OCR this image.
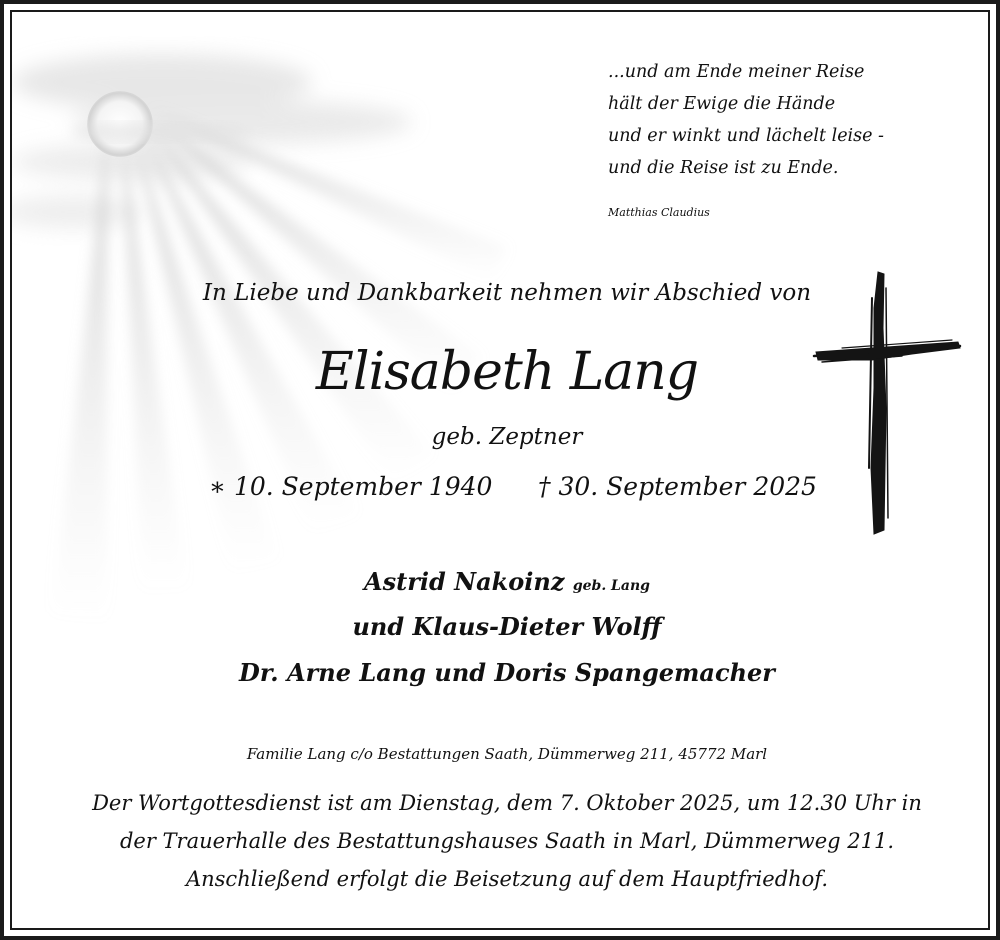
...und am Ende meiner Reise
hält der Ewige die Hände
und er winkt und lächelt leise -
und die Reise ist zu Ende.
Matthias Claudius
In Liebe und Dankbarkeit nehmen wir Abschied von
Elisabeth Lang
geb. Zeptner
∗ 10. September 1940 † 30. September 2025
Astrid Nakoinz geb. Lang
und Klaus-Dieter Wolff
Dr. Arne Lang und Doris Spangemacher
Familie Lang c/o Bestattungen Saath, Dümmerweg 211, 45772 Marl
Der Wortgottesdienst ist am Dienstag, dem 7. Oktober 2025, um 12.30 Uhr in
der Trauerhalle des Bestattungshauses Saath in Marl, Dümmerweg 211.
Anschließend erfolgt die Beisetzung auf dem Hauptfriedhof.
